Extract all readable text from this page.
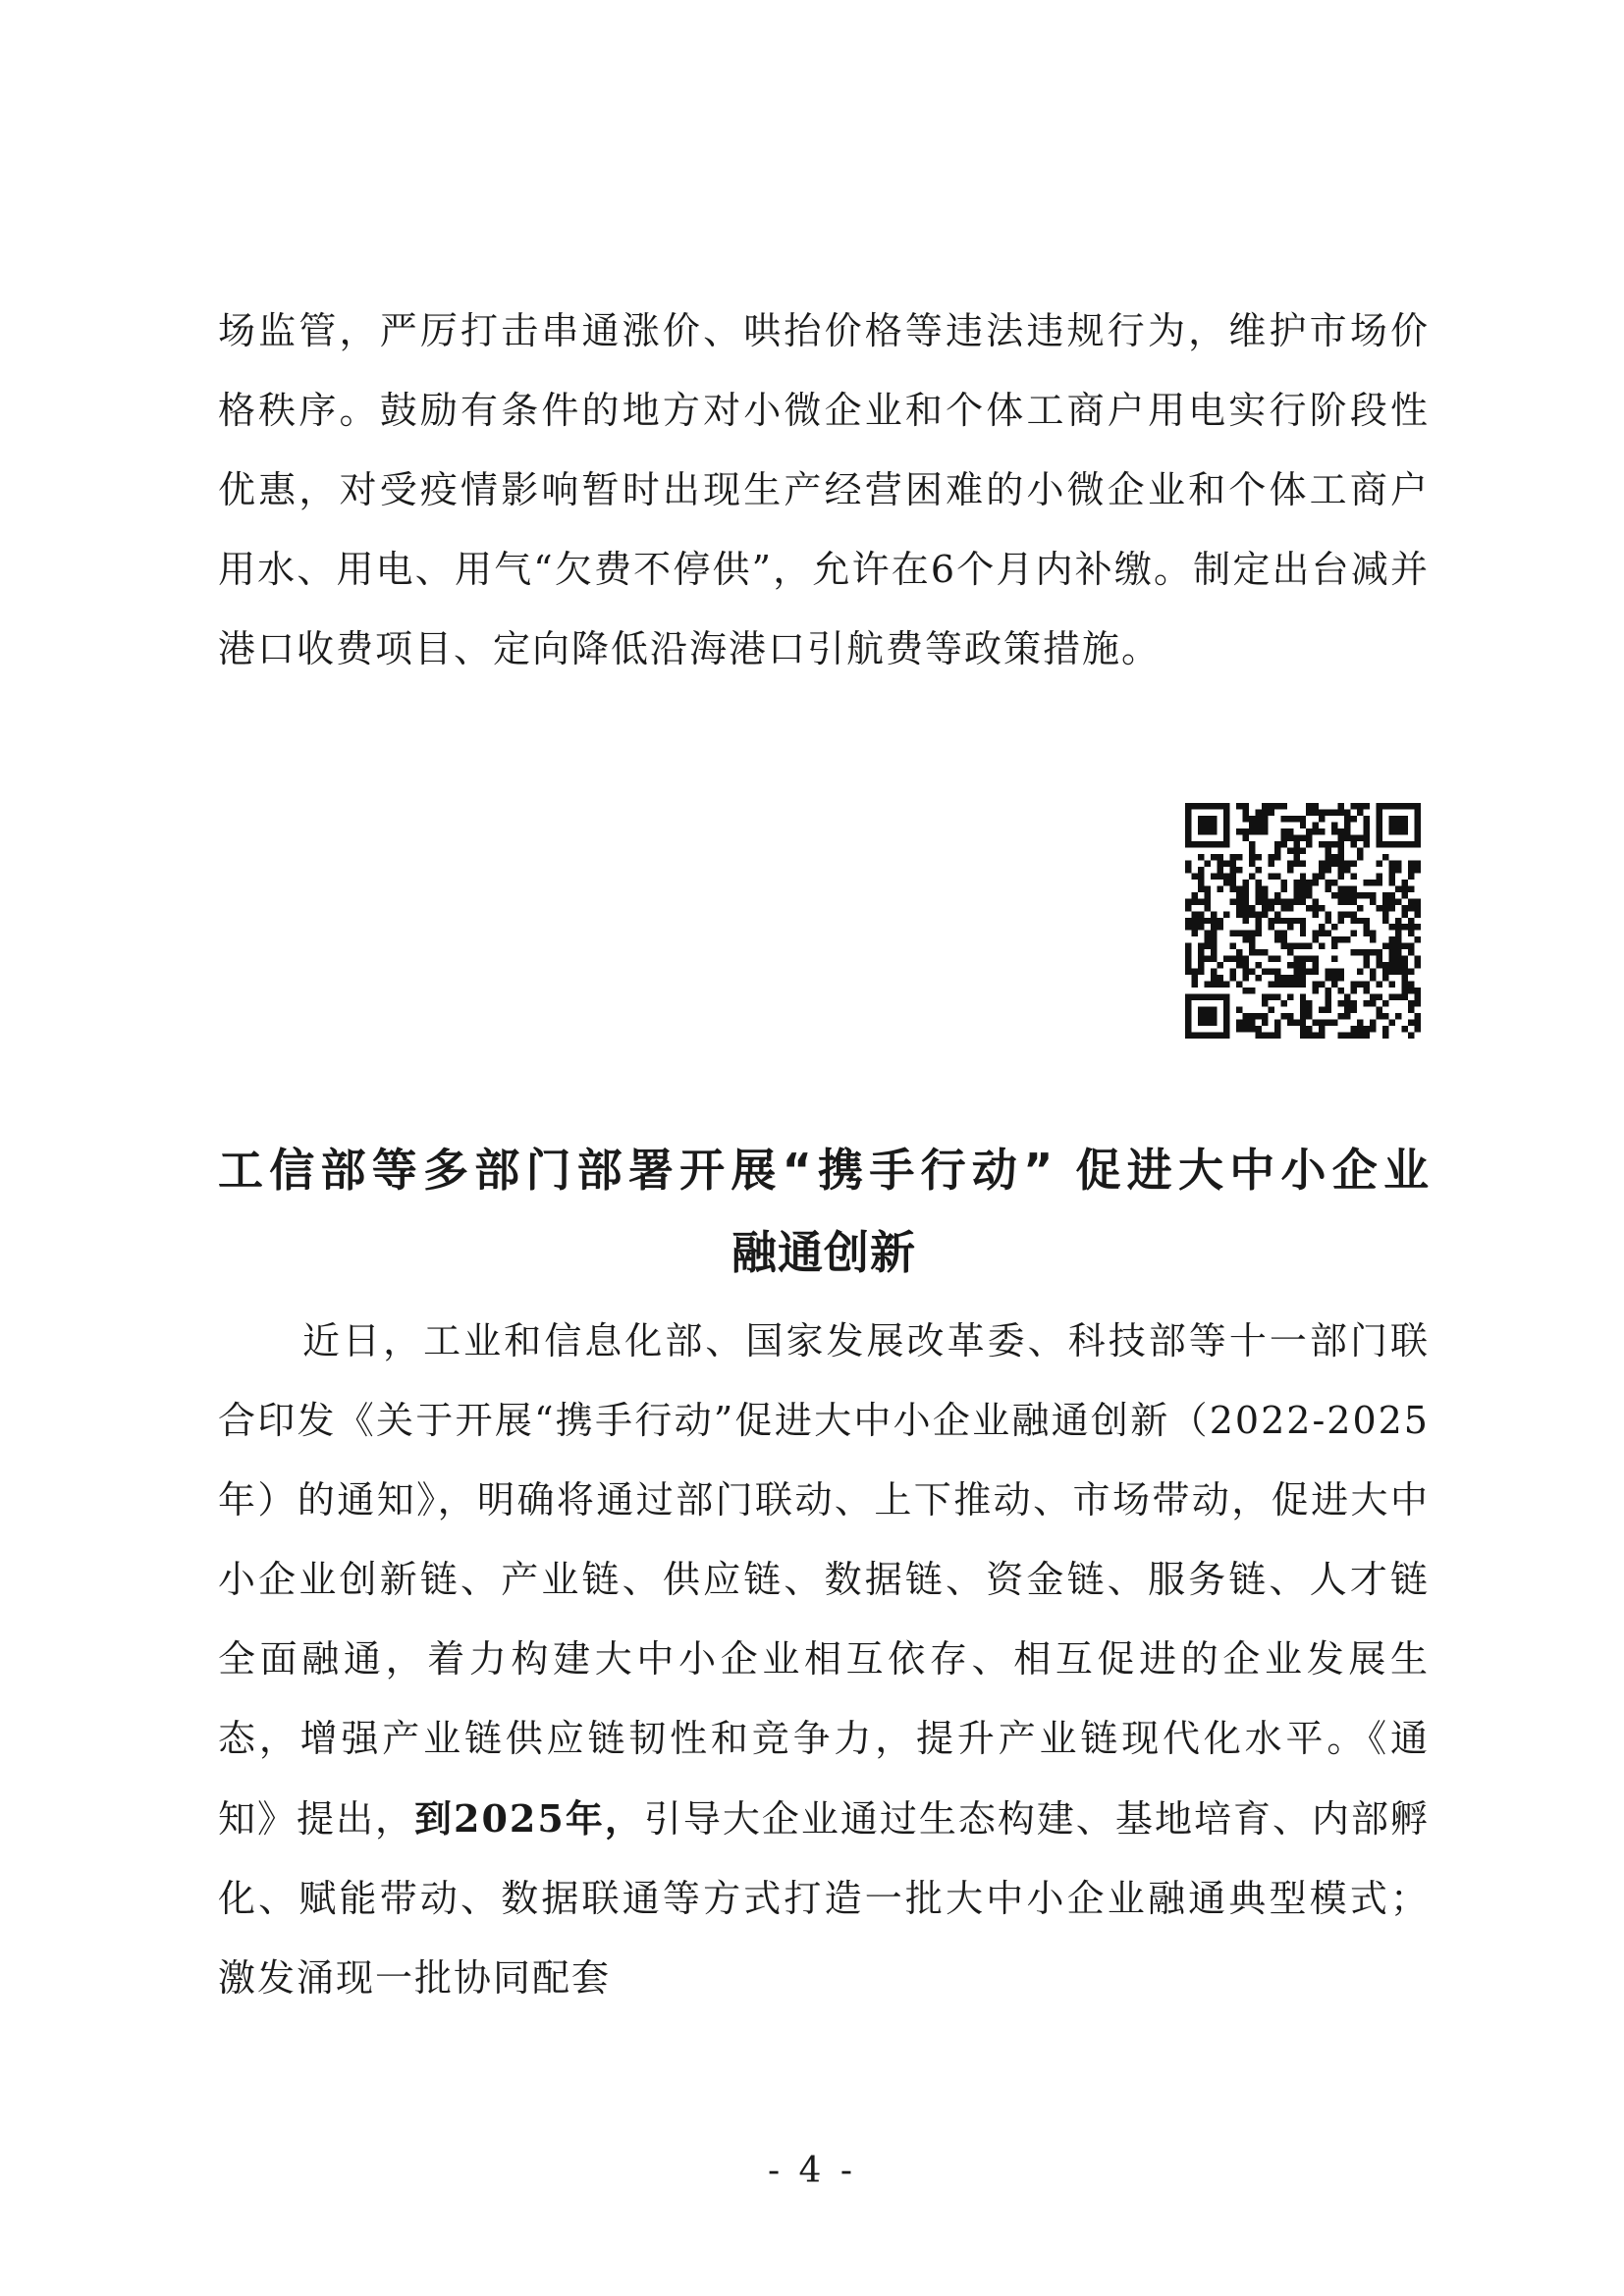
场监管，严厉打击串通涨价、哄抬价格等违法违规行为，维护市场价格秩序。鼓励有条件的地方对小微企业和个体工商户用电实行阶段性优惠，对受疫情影响暂时出现生产经营困难的小微企业和个体工商户用水、用电、用气“欠费不停供”，允许在6个月内补缴。制定出台减并港口收费项目、定向降低沿海港口引航费等政策措施。

工信部等多部门部署开展“携手行动” 促进大中小企业
融通创新

近日，工业和信息化部、国家发展改革委、科技部等十一部门联合印发《关于开展“携手行动”促进大中小企业融通创新（2022-2025年）的通知》，明确将通过部门联动、上下推动、市场带动，促进大中小企业创新链、产业链、供应链、数据链、资金链、服务链、人才链全面融通，着力构建大中小企业相互依存、相互促进的企业发展生态，增强产业链供应链韧性和竞争力，提升产业链现代化水平。《通知》提出，到2025年，引导大企业通过生态构建、基地培育、内部孵化、赋能带动、数据联通等方式打造一批大中小企业融通典型模式；激发涌现一批协同配套

- 4 -
